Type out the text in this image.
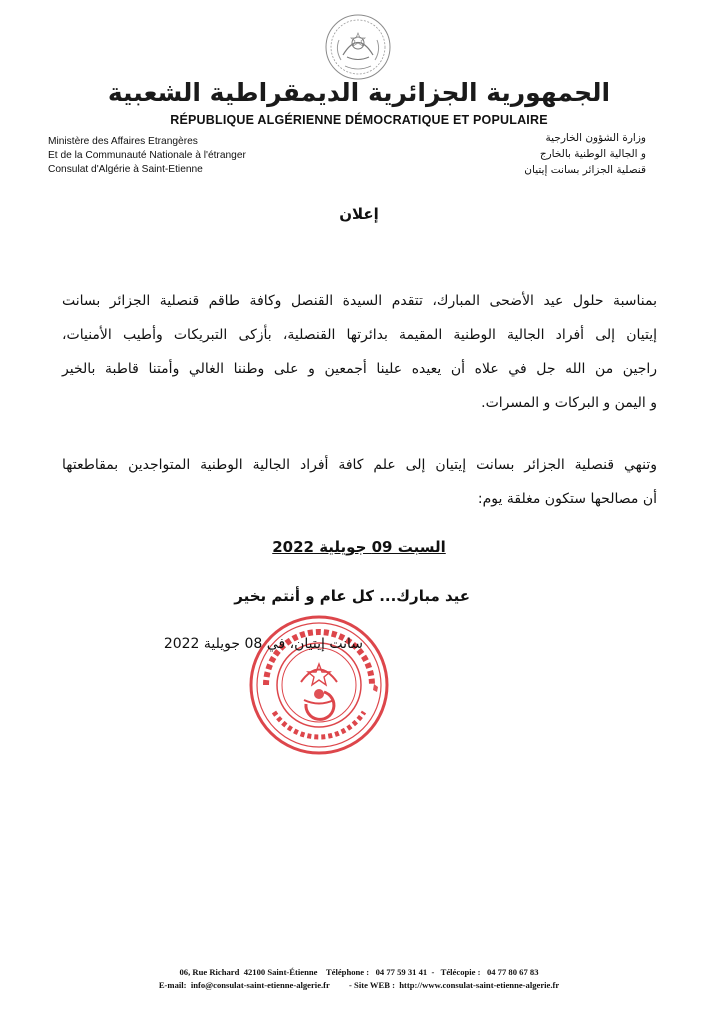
الجمهورية الجزائرية الديمقراطية الشعبية
RÉPUBLIQUE ALGÉRIENNE DÉMOCRATIQUE ET POPULAIRE
Ministère des Affaires Etrangères
Et de la Communauté Nationale à l'étranger
Consulat d'Algérie à Saint-Etienne
وزارة الشؤون الخارجية
و الجالية الوطنية بالخارج
قنصلية الجزائر بسانت إيتيان
إعلان
بمناسبة حلول عيد الأضحى المبارك، تتقدم السيدة القنصل وكافة طاقم قنصلية الجزائر بسانت
إيتيان إلى أفراد الجالية الوطنية المقيمة بدائرتها القنصلية، بأزكى التبريكات وأطيب الأمنيات،
راجين من الله جل في علاه أن يعيده علينا أجمعين و على وطننا الغالي وأمتنا قاطبة بالخير
و اليمن و البركات و المسرات.
وتنهي قنصلية الجزائر بسانت إيتيان إلى علم كافة أفراد الجالية الوطنية المتواجدين بمقاطعتها
أن مصالحها ستكون مغلقة يوم:
السبت 09 جويلية 2022
عيد مبارك... كل عام و أنتم بخير
سانت إيتيان، في 08 جويلية 2022
06, Rue Richard  42100 Saint-Étienne Téléphone : 04 77 59 31 41  -   Télécopie : 04 77 80 67 83
E-mail: info@consulat-saint-etienne-algerie.fr - Site WEB : http://www.consulat-saint-etienne-algerie.fr
